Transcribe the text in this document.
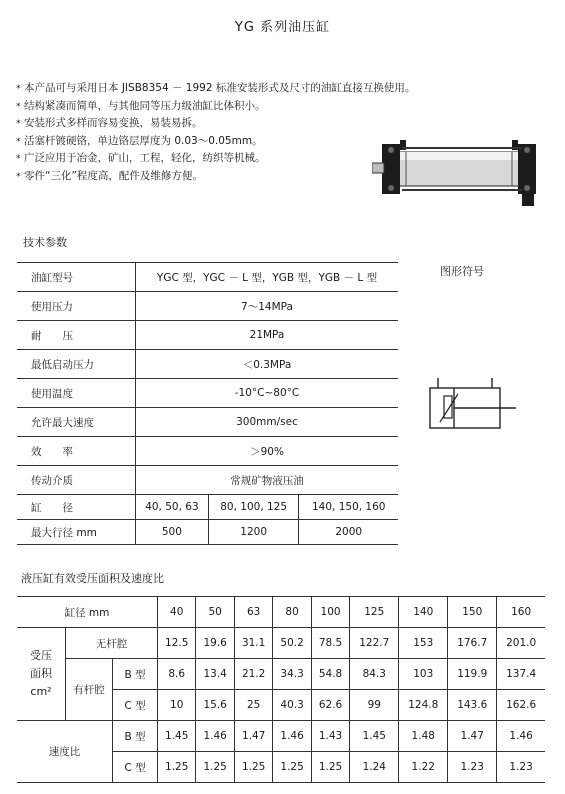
YG 系列油压缸
* 本产品可与采用日本 JISB8354 － 1992 标准安装形式及尺寸的油缸直接互换使用。
* 结构紧凑而简单，与其他同等压力级油缸比体积小。
* 安装形式多样而容易变换，易装易拆。
* 活塞杆镀硬铬，单边铬层厚度为 0.03～0.05mm。
* 广泛应用于冶金，矿山，工程，轻化，纺织等机械。
* 零件“三化”程度高，配件及维修方便。
技术参数
油缸型号	YGC 型，YGC － L 型，YGB 型，YGB － L 型		
使用压力	7～14MPa		
耐　　压	21MPa		
最低启动压力	＜0.3MPa		
使用温度	-10°C~80°C		
允许最大速度	300mm/sec		
效　　率	＞90%		
传动介质	常规矿物液压油		
缸　　径	40, 50, 63	80, 100, 125	140, 150, 160
最大行径 mm	500	1200	2000
图形符号
液压缸有效受压面积及速度比
缸径 mm			40	50	63	80	100	125	140	150	160

受压
面积
cm²	无杆腔		12.5	19.6	31.1	50.2	78.5	122.7	153	176.7	201.0
	有杆腔	B 型	8.6	13.4	21.2	34.3	54.8	84.3	103	119.9	137.4
		C 型	10	15.6	25	40.3	62.6	99	124.8	143.6	162.6
速度比		B 型	1.45	1.46	1.47	1.46	1.43	1.45	1.48	1.47	1.46
		C 型	1.25	1.25	1.25	1.25	1.25	1.24	1.22	1.23	1.23
